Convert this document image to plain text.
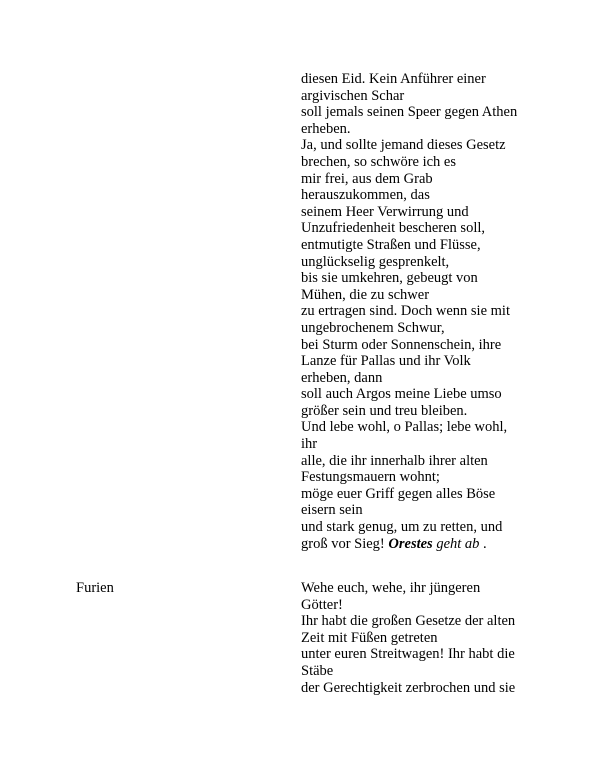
diesen Eid. Kein Anführer einer
argivischen Schar
soll jemals seinen Speer gegen Athen
erheben.
Ja, und sollte jemand dieses Gesetz
brechen, so schwöre ich es
mir frei, aus dem Grab
herauszukommen, das
seinem Heer Verwirrung und
Unzufriedenheit bescheren soll,
entmutigte Straßen und Flüsse,
unglückselig gesprenkelt,
bis sie umkehren, gebeugt von
Mühen, die zu schwer
zu ertragen sind. Doch wenn sie mit
ungebrochenem Schwur,
bei Sturm oder Sonnenschein, ihre
Lanze für Pallas und ihr Volk
erheben, dann
soll auch Argos meine Liebe umso
größer sein und treu bleiben.
Und lebe wohl, o Pallas; lebe wohl,
ihr
alle, die ihr innerhalb ihrer alten
Festungsmauern wohnt;
möge euer Griff gegen alles Böse
eisern sein
und stark genug, um zu retten, und
groß vor Sieg! Orestes geht ab .
Furien	Wehe euch, wehe, ihr jüngeren
Götter!
Ihr habt die großen Gesetze der alten
Zeit mit Füßen getreten
unter euren Streitwagen! Ihr habt die
Stäbe
der Gerechtigkeit zerbrochen und sie
